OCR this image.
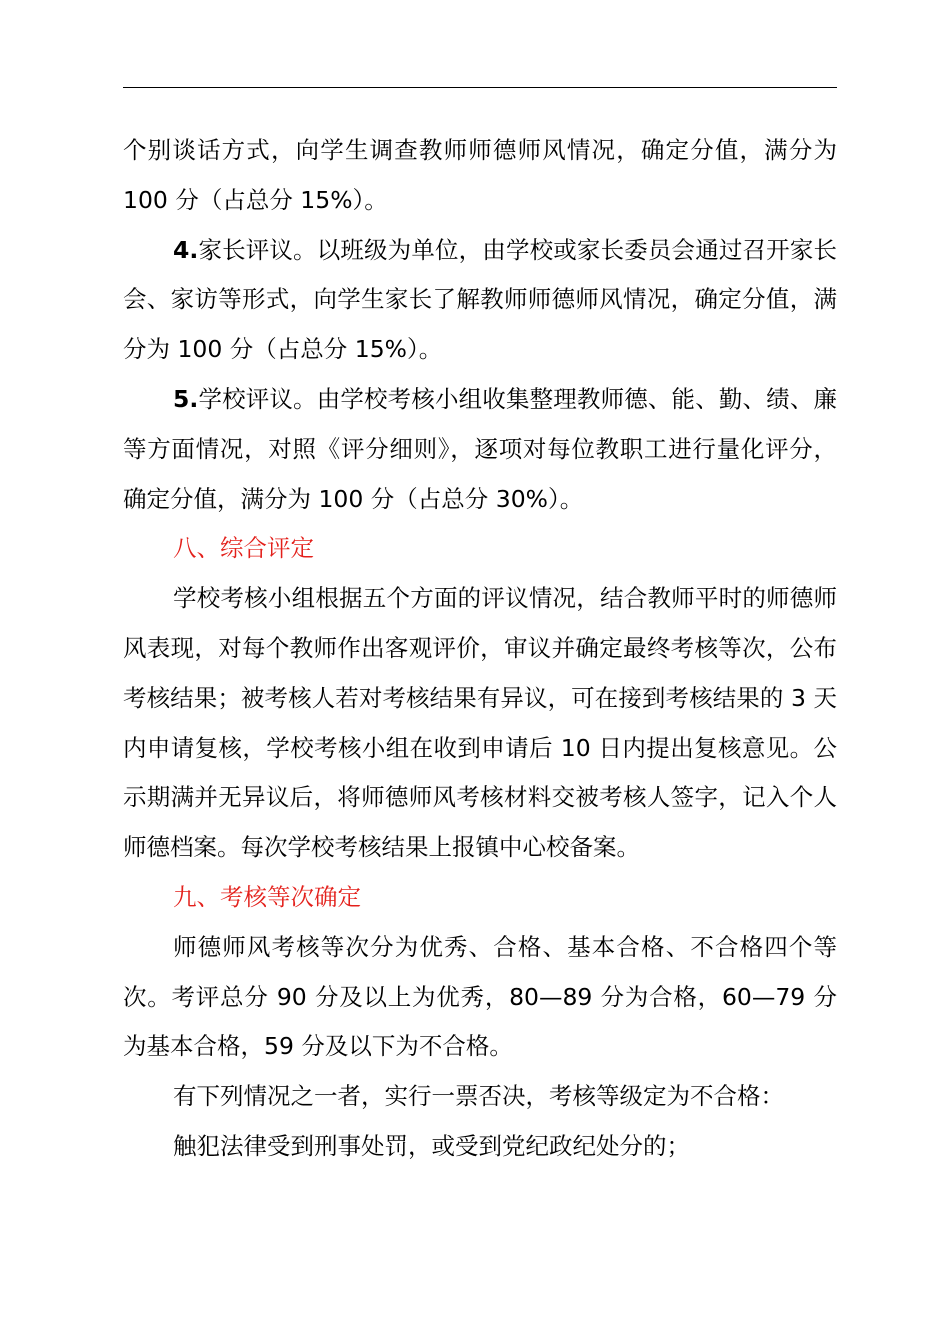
个别谈话方式，向学生调查教师师德师风情况，确定分值，满分为 100 分（占总分 15%）。

4.家长评议。以班级为单位，由学校或家长委员会通过召开家长会、家访等形式，向学生家长了解教师师德师风情况，确定分值，满分为 100 分（占总分 15%）。

5.学校评议。由学校考核小组收集整理教师德、能、勤、绩、廉等方面情况，对照《评分细则》，逐项对每位教职工进行量化评分，确定分值，满分为 100 分（占总分 30%）。

八、综合评定

学校考核小组根据五个方面的评议情况，结合教师平时的师德师风表现，对每个教师作出客观评价，审议并确定最终考核等次，公布考核结果；被考核人若对考核结果有异议，可在接到考核结果的 3 天内申请复核，学校考核小组在收到申请后 10 日内提出复核意见。公示期满并无异议后，将师德师风考核材料交被考核人签字，记入个人师德档案。每次学校考核结果上报镇中心校备案。

九、考核等次确定

师德师风考核等次分为优秀、合格、基本合格、不合格四个等次。考评总分 90 分及以上为优秀，80—89 分为合格，60—79 分为基本合格，59 分及以下为不合格。

有下列情况之一者，实行一票否决，考核等级定为不合格：

触犯法律受到刑事处罚，或受到党纪政纪处分的；
